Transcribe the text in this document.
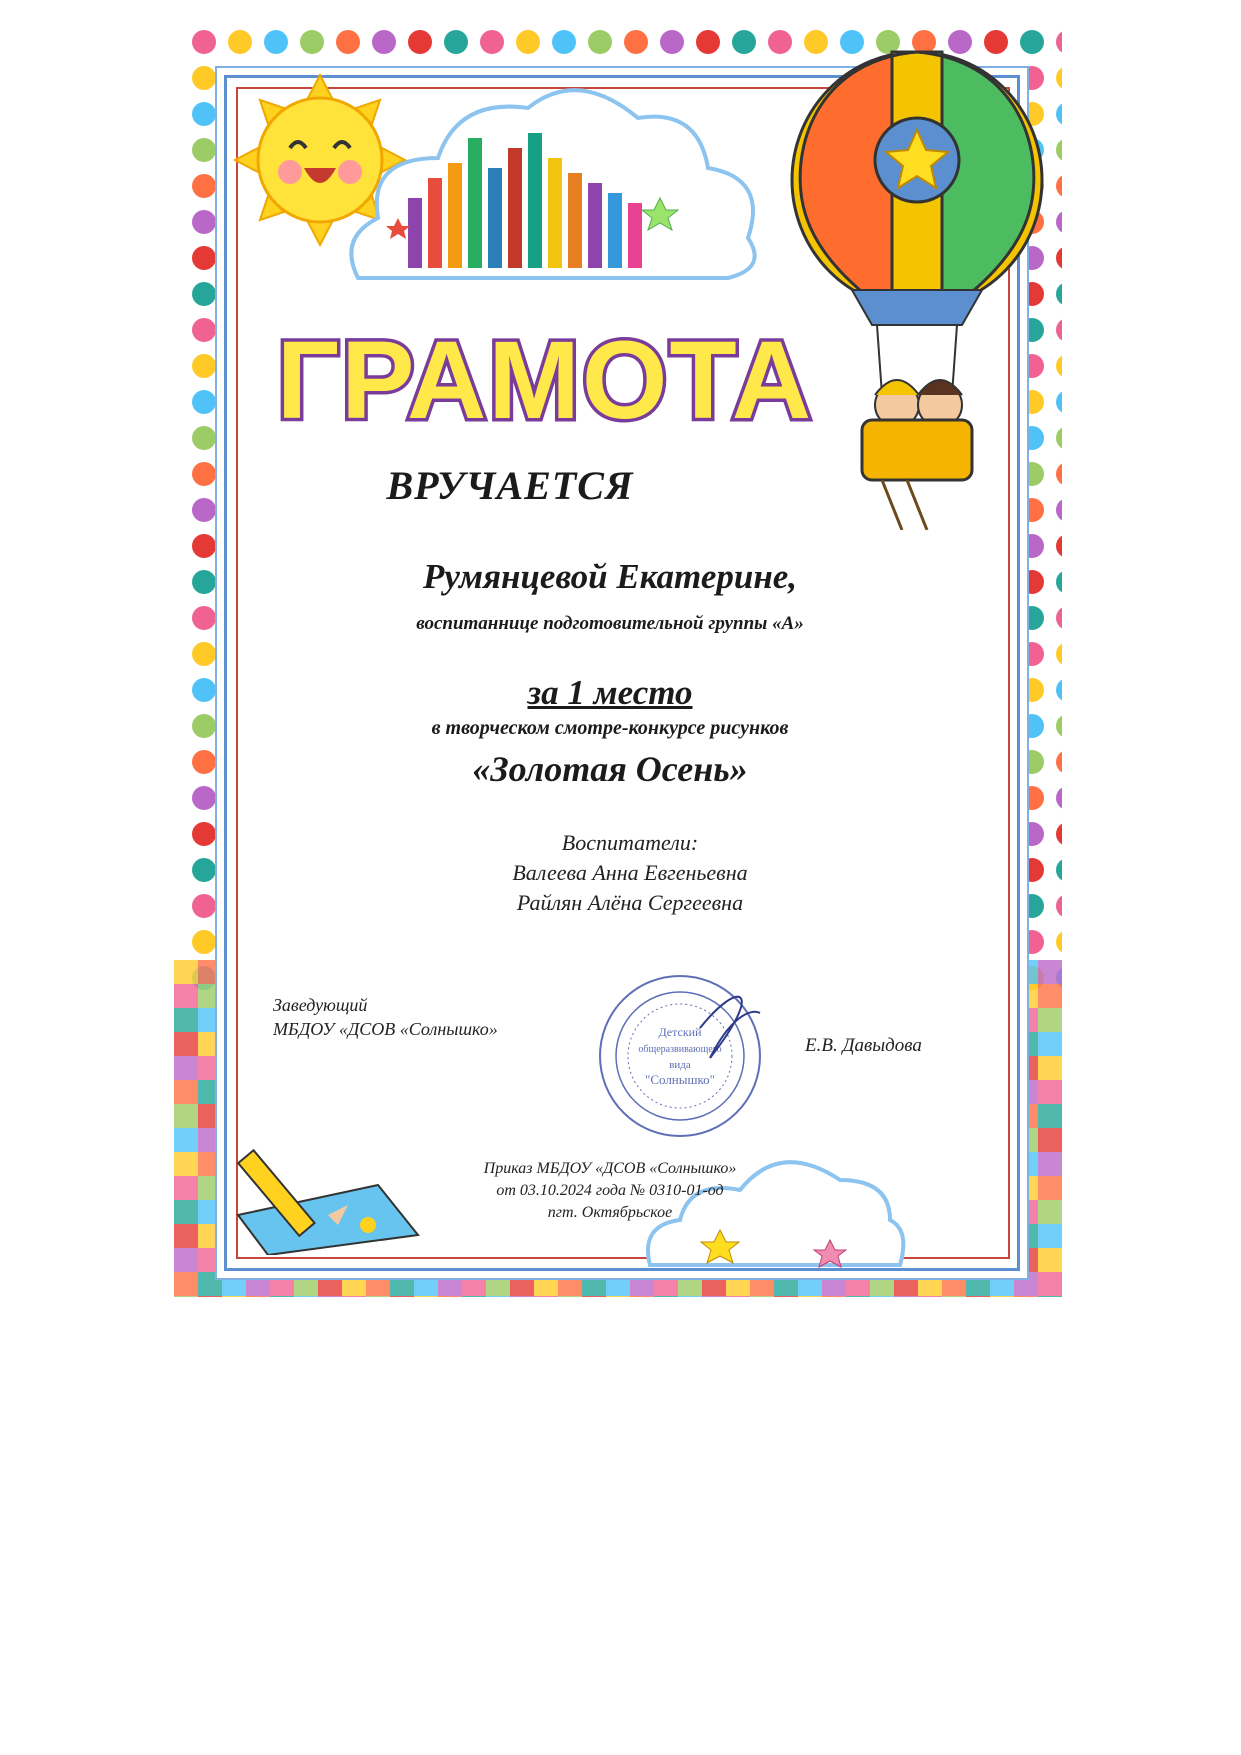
ГРАМОТА
ВРУЧАЕТСЯ
Румянцевой Екатерине,
воспитаннице подготовительной группы «А»
за 1 место
в творческом смотре-конкурсе рисунков
«Золотая Осень»
Воспитатели:
Валеева Анна Евгеньевна
Райлян Алёна Сергеевна
Заведующий
МБДОУ «ДСОВ «Солнышко»	Детский
общеразвивающего
вида
"Солнышко"
Е.В. Давыдова
Приказ МБДОУ «ДСОВ «Солнышко»
от 03.10.2024 года № 0310-01-од
пгт. Октябрьское
